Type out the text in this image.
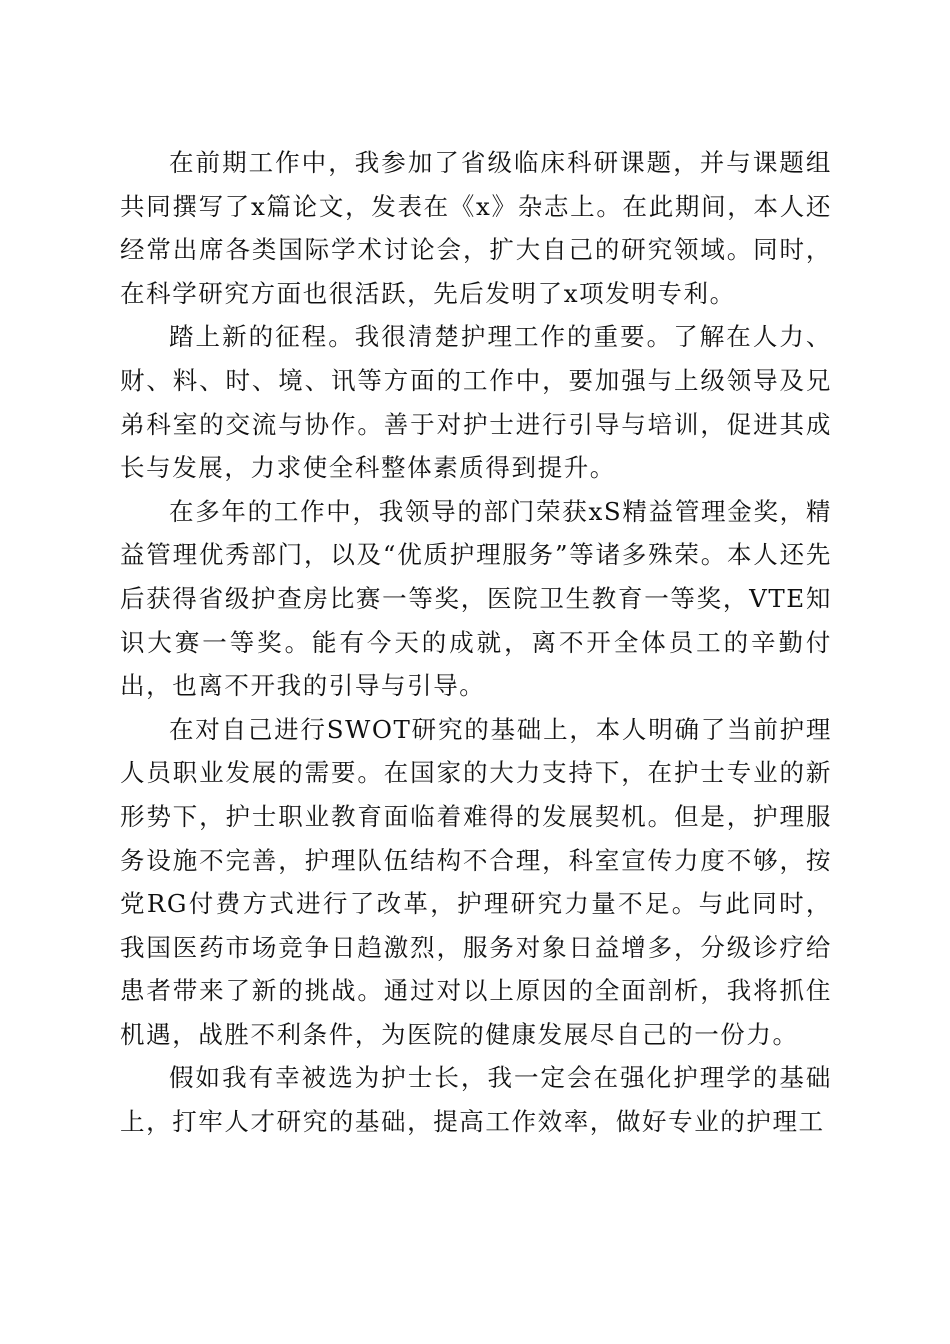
在前期工作中，我参加了省级临床科研课题，并与课题组共同撰写了x篇论文，发表在《x》杂志上。在此期间，本人还经常出席各类国际学术讨论会，扩大自己的研究领域。同时，在科学研究方面也很活跃，先后发明了x项发明专利。

踏上新的征程。我很清楚护理工作的重要。了解在人力、财、料、时、境、讯等方面的工作中，要加强与上级领导及兄弟科室的交流与协作。善于对护士进行引导与培训，促进其成长与发展，力求使全科整体素质得到提升。

在多年的工作中，我领导的部门荣获xS精益管理金奖，精益管理优秀部门，以及“优质护理服务”等诸多殊荣。本人还先后获得省级护查房比赛一等奖，医院卫生教育一等奖，VTE知识大赛一等奖。能有今天的成就，离不开全体员工的辛勤付出，也离不开我的引导与引导。

在对自己进行SWOT研究的基础上，本人明确了当前护理人员职业发展的需要。在国家的大力支持下，在护士专业的新形势下，护士职业教育面临着难得的发展契机。但是，护理服务设施不完善，护理队伍结构不合理，科室宣传力度不够，按党RG付费方式进行了改革，护理研究力量不足。与此同时，我国医药市场竞争日趋激烈，服务对象日益增多，分级诊疗给患者带来了新的挑战。通过对以上原因的全面剖析，我将抓住机遇，战胜不利条件，为医院的健康发展尽自己的一份力。

假如我有幸被选为护士长，我一定会在强化护理学的基础上，打牢人才研究的基础，提高工作效率，做好专业的护理工
